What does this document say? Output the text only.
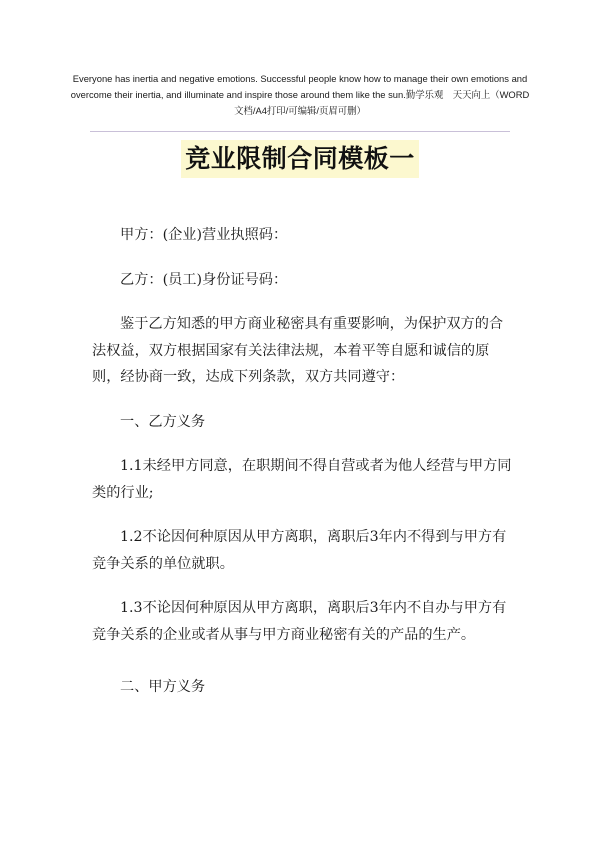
Everyone has inertia and negative emotions. Successful people know how to manage their own emotions and
overcome their inertia, and illuminate and inspire those around them like the sun.勤学乐观　天天向上（WORD
文档/A4打印/可编辑/页眉可删）
竞业限制合同模板一

甲方：(企业)营业执照码：

乙方：(员工)身份证号码：

鉴于乙方知悉的甲方商业秘密具有重要影响，为保护双方的合法权益，双方根据国家有关法律法规，本着平等自愿和诚信的原则，经协商一致，达成下列条款，双方共同遵守：

一、乙方义务

1.1未经甲方同意，在职期间不得自营或者为他人经营与甲方同类的行业;

1.2不论因何种原因从甲方离职，离职后3年内不得到与甲方有竞争关系的单位就职。

1.3不论因何种原因从甲方离职，离职后3年内不自办与甲方有竞争关系的企业或者从事与甲方商业秘密有关的产品的生产。

二、甲方义务
